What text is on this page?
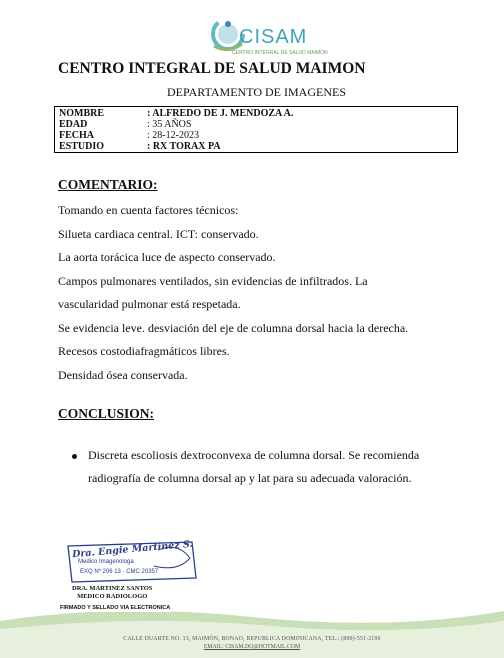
CISAM
CENTRO INTEGRAL DE SALUD MAIMON
CENTRO INTEGRAL DE SALUD MAIMON
DEPARTAMENTO DE IMAGENES
NOMBRE	: ALFREDO DE J. MENDOZA A.
EDAD	: 35 AÑOS
FECHA	: 28-12-2023
ESTUDIO	: RX TORAX PA
COMENTARIO:
Tomando en cuenta factores técnicos:
Silueta cardiaca central. ICT: conservado.
La aorta torácica luce de aspecto conservado.
Campos pulmonares ventilados, sin evidencias de infiltrados. La
vascularidad pulmonar está respetada.
Se evidencia leve. desviación del eje de columna dorsal hacia la derecha.
Recesos costodiafragmáticos libres.
Densidad ósea conservada.
CONCLUSION:
Discreta escoliosis dextroconvexa de columna dorsal. Se recomienda radiografía de columna dorsal ap y lat para su adecuada valoración.
Dra. Engie Martinez S.
Medico Imagenologa
EXQ Nº 206 13 · CMC 20357
DRA. MARTINEZ SANTOS
MEDICO RADIOLOGO
FIRMADO Y SELLADO VIA ELECTRONICA
CALLE DUARTE NO. 13, MAIMÓN, BONAO, REPUBLICA DOMINICANA, TEL.: (809)-551-2196
EMAIL: CISAM.DO@HOTMAIL.COM
